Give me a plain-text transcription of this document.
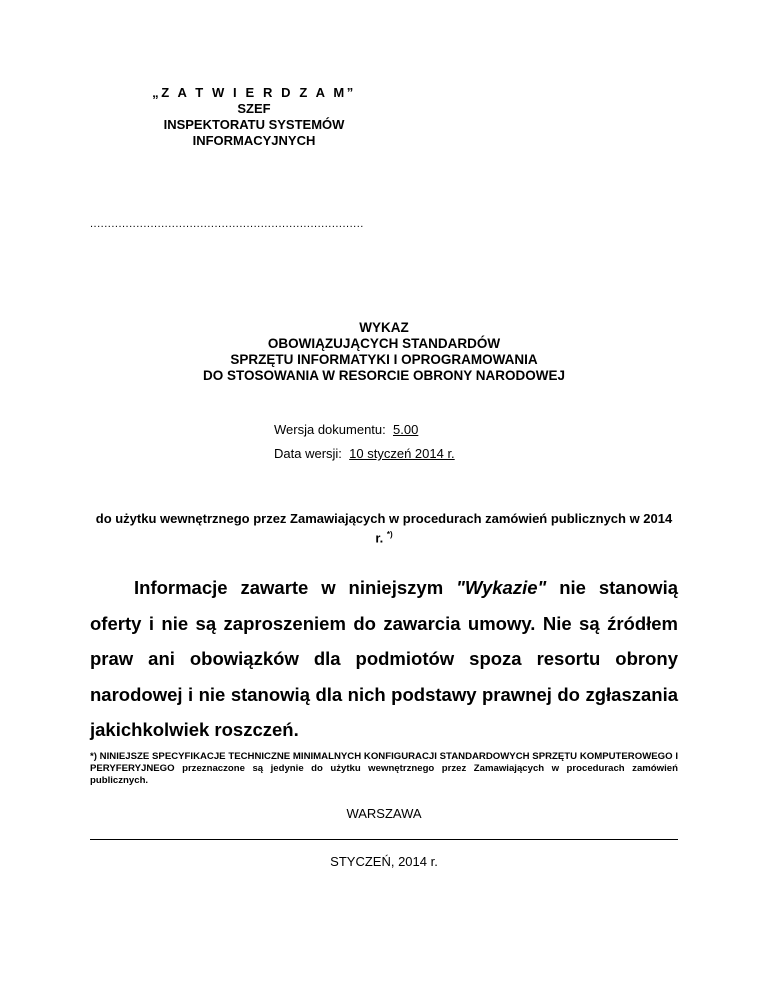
„Z A T W I E R D Z A M”
SZEF
INSPEKTORATU SYSTEMÓW
INFORMACYJNYCH
.............................................................................
WYKAZ
OBOWIĄZUJĄCYCH STANDARDÓW
SPRZĘTU INFORMATYKI I OPROGRAMOWANIA
DO STOSOWANIA W RESORCIE OBRONY NARODOWEJ
Wersja dokumentu: 5.00
Data wersji: 10 styczeń 2014 r.
do użytku wewnętrznego przez Zamawiających w procedurach zamówień publicznych w 2014 r. *)
Informacje zawarte w niniejszym "Wykazie" nie stanowią oferty i nie są zaproszeniem do zawarcia umowy. Nie są źródłem praw ani obowiązków dla podmiotów spoza resortu obrony narodowej i nie stanowią dla nich podstawy prawnej do zgłaszania jakichkolwiek roszczeń.
*) NINIEJSZE SPECYFIKACJE TECHNICZNE MINIMALNYCH KONFIGURACJI STANDARDOWYCH SPRZĘTU KOMPUTEROWEGO I PERYFERYJNEGO przeznaczone są jedynie do użytku wewnętrznego przez Zamawiających w procedurach zamówień publicznych.
WARSZAWA
STYCZEŃ, 2014 r.
